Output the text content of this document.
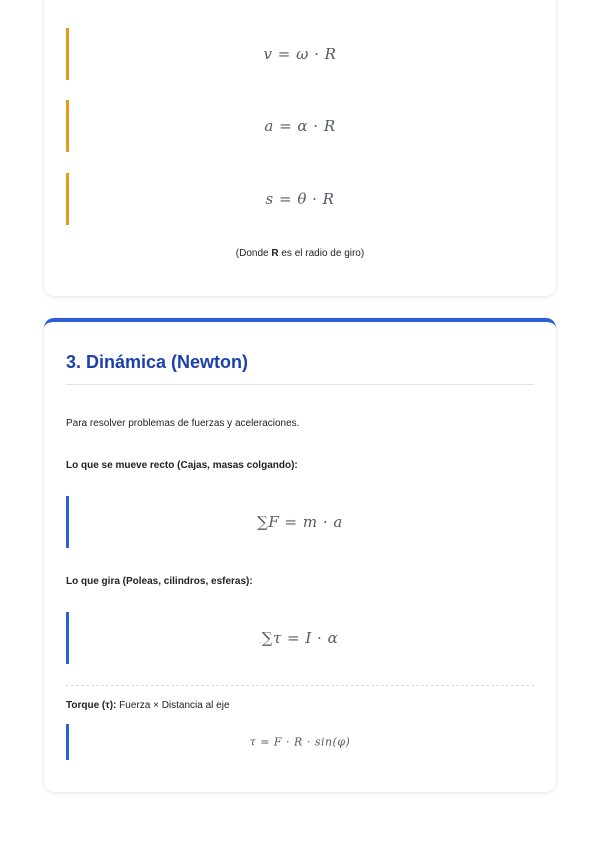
v = ω · R
a = α · R
s = θ · R
(Donde R es el radio de giro)
3. Dinámica (Newton)
Para resolver problemas de fuerzas y aceleraciones.
Lo que se mueve recto (Cajas, masas colgando):
∑F = m · a
Lo que gira (Poleas, cilindros, esferas):
∑τ = I · α
Torque (τ): Fuerza × Distancia al eje
τ = F · R · sin(φ)
